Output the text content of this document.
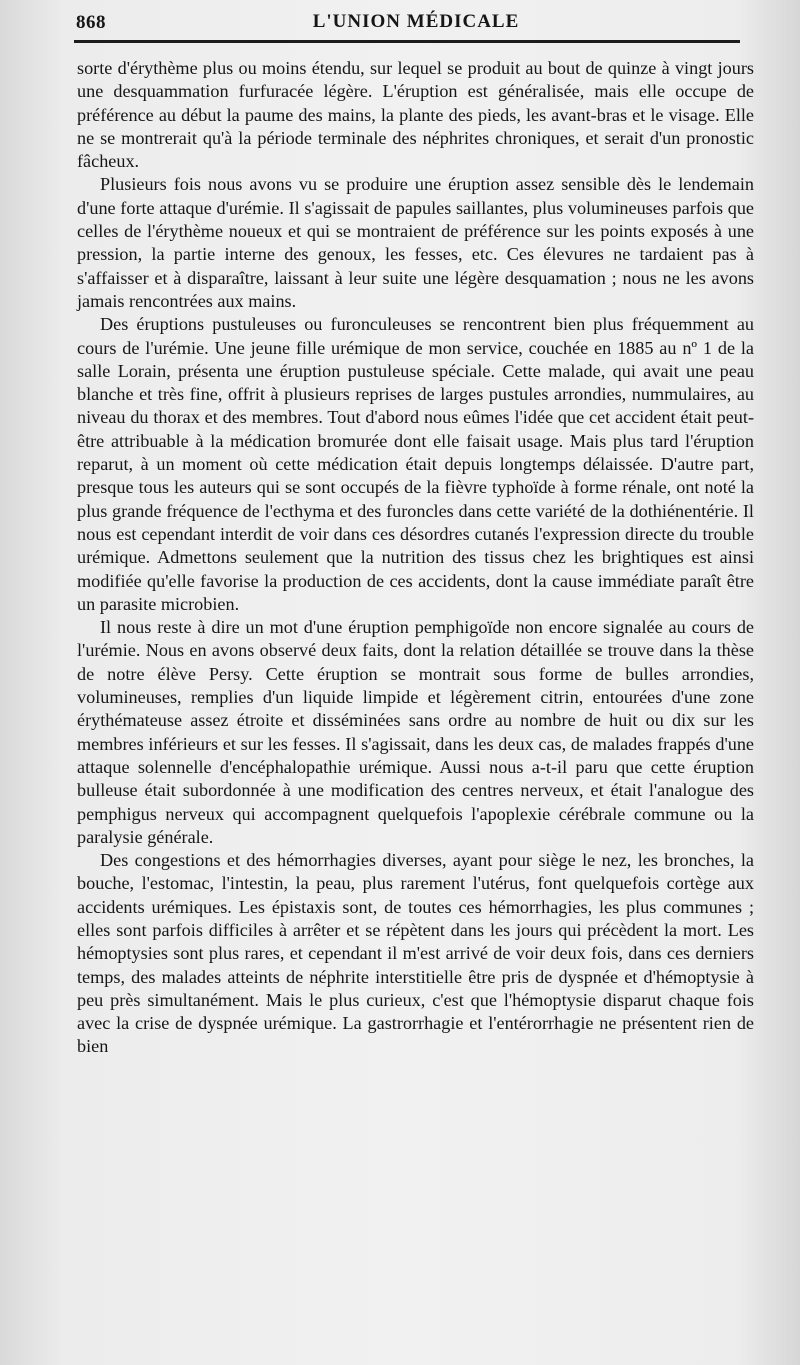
868	L'UNION MÉDICALE

sorte d'érythème plus ou moins étendu, sur lequel se produit au bout de quinze à vingt jours une desquammation furfuracée légère. L'éruption est généralisée, mais elle occupe de préférence au début la paume des mains, la plante des pieds, les avant-bras et le visage. Elle ne se montrerait qu'à la période terminale des néphrites chroniques, et serait d'un pronostic fâcheux.

Plusieurs fois nous avons vu se produire une éruption assez sensible dès le lendemain d'une forte attaque d'urémie. Il s'agissait de papules saillantes, plus volumineuses parfois que celles de l'érythème noueux et qui se montraient de préférence sur les points exposés à une pression, la partie interne des genoux, les fesses, etc. Ces élevures ne tardaient pas à s'affaisser et à disparaître, laissant à leur suite une légère desquamation ; nous ne les avons jamais rencontrées aux mains.

Des éruptions pustuleuses ou furonculeuses se rencontrent bien plus fréquemment au cours de l'urémie. Une jeune fille urémique de mon service, couchée en 1885 au nº 1 de la salle Lorain, présenta une éruption pustuleuse spéciale. Cette malade, qui avait une peau blanche et très fine, offrit à plusieurs reprises de larges pustules arrondies, nummulaires, au niveau du thorax et des membres. Tout d'abord nous eûmes l'idée que cet accident était peut-être attribuable à la médication bromurée dont elle faisait usage. Mais plus tard l'éruption reparut, à un moment où cette médication était depuis longtemps délaissée. D'autre part, presque tous les auteurs qui se sont occupés de la fièvre typhoïde à forme rénale, ont noté la plus grande fréquence de l'ecthyma et des furoncles dans cette variété de la dothiénentérie. Il nous est cependant interdit de voir dans ces désordres cutanés l'expression directe du trouble urémique. Admettons seulement que la nutrition des tissus chez les brightiques est ainsi modifiée qu'elle favorise la production de ces accidents, dont la cause immédiate paraît être un parasite microbien.

Il nous reste à dire un mot d'une éruption pemphigoïde non encore signalée au cours de l'urémie. Nous en avons observé deux faits, dont la relation détaillée se trouve dans la thèse de notre élève Persy. Cette éruption se montrait sous forme de bulles arrondies, volumineuses, remplies d'un liquide limpide et légèrement citrin, entourées d'une zone érythémateuse assez étroite et disséminées sans ordre au nombre de huit ou dix sur les membres inférieurs et sur les fesses. Il s'agissait, dans les deux cas, de malades frappés d'une attaque solennelle d'encéphalopathie urémique. Aussi nous a-t-il paru que cette éruption bulleuse était subordonnée à une modification des centres nerveux, et était l'analogue des pemphigus nerveux qui accompagnent quelquefois l'apoplexie cérébrale commune ou la paralysie générale.

Des congestions et des hémorrhagies diverses, ayant pour siège le nez, les bronches, la bouche, l'estomac, l'intestin, la peau, plus rarement l'utérus, font quelquefois cortège aux accidents urémiques. Les épistaxis sont, de toutes ces hémorrhagies, les plus communes ; elles sont parfois difficiles à arrêter et se répètent dans les jours qui précèdent la mort. Les hémoptysies sont plus rares, et cependant il m'est arrivé de voir deux fois, dans ces derniers temps, des malades atteints de néphrite interstitielle être pris de dyspnée et d'hémoptysie à peu près simultanément. Mais le plus curieux, c'est que l'hémoptysie disparut chaque fois avec la crise de dyspnée urémique. La gastrorrhagie et l'entérorrhagie ne présentent rien de bien
